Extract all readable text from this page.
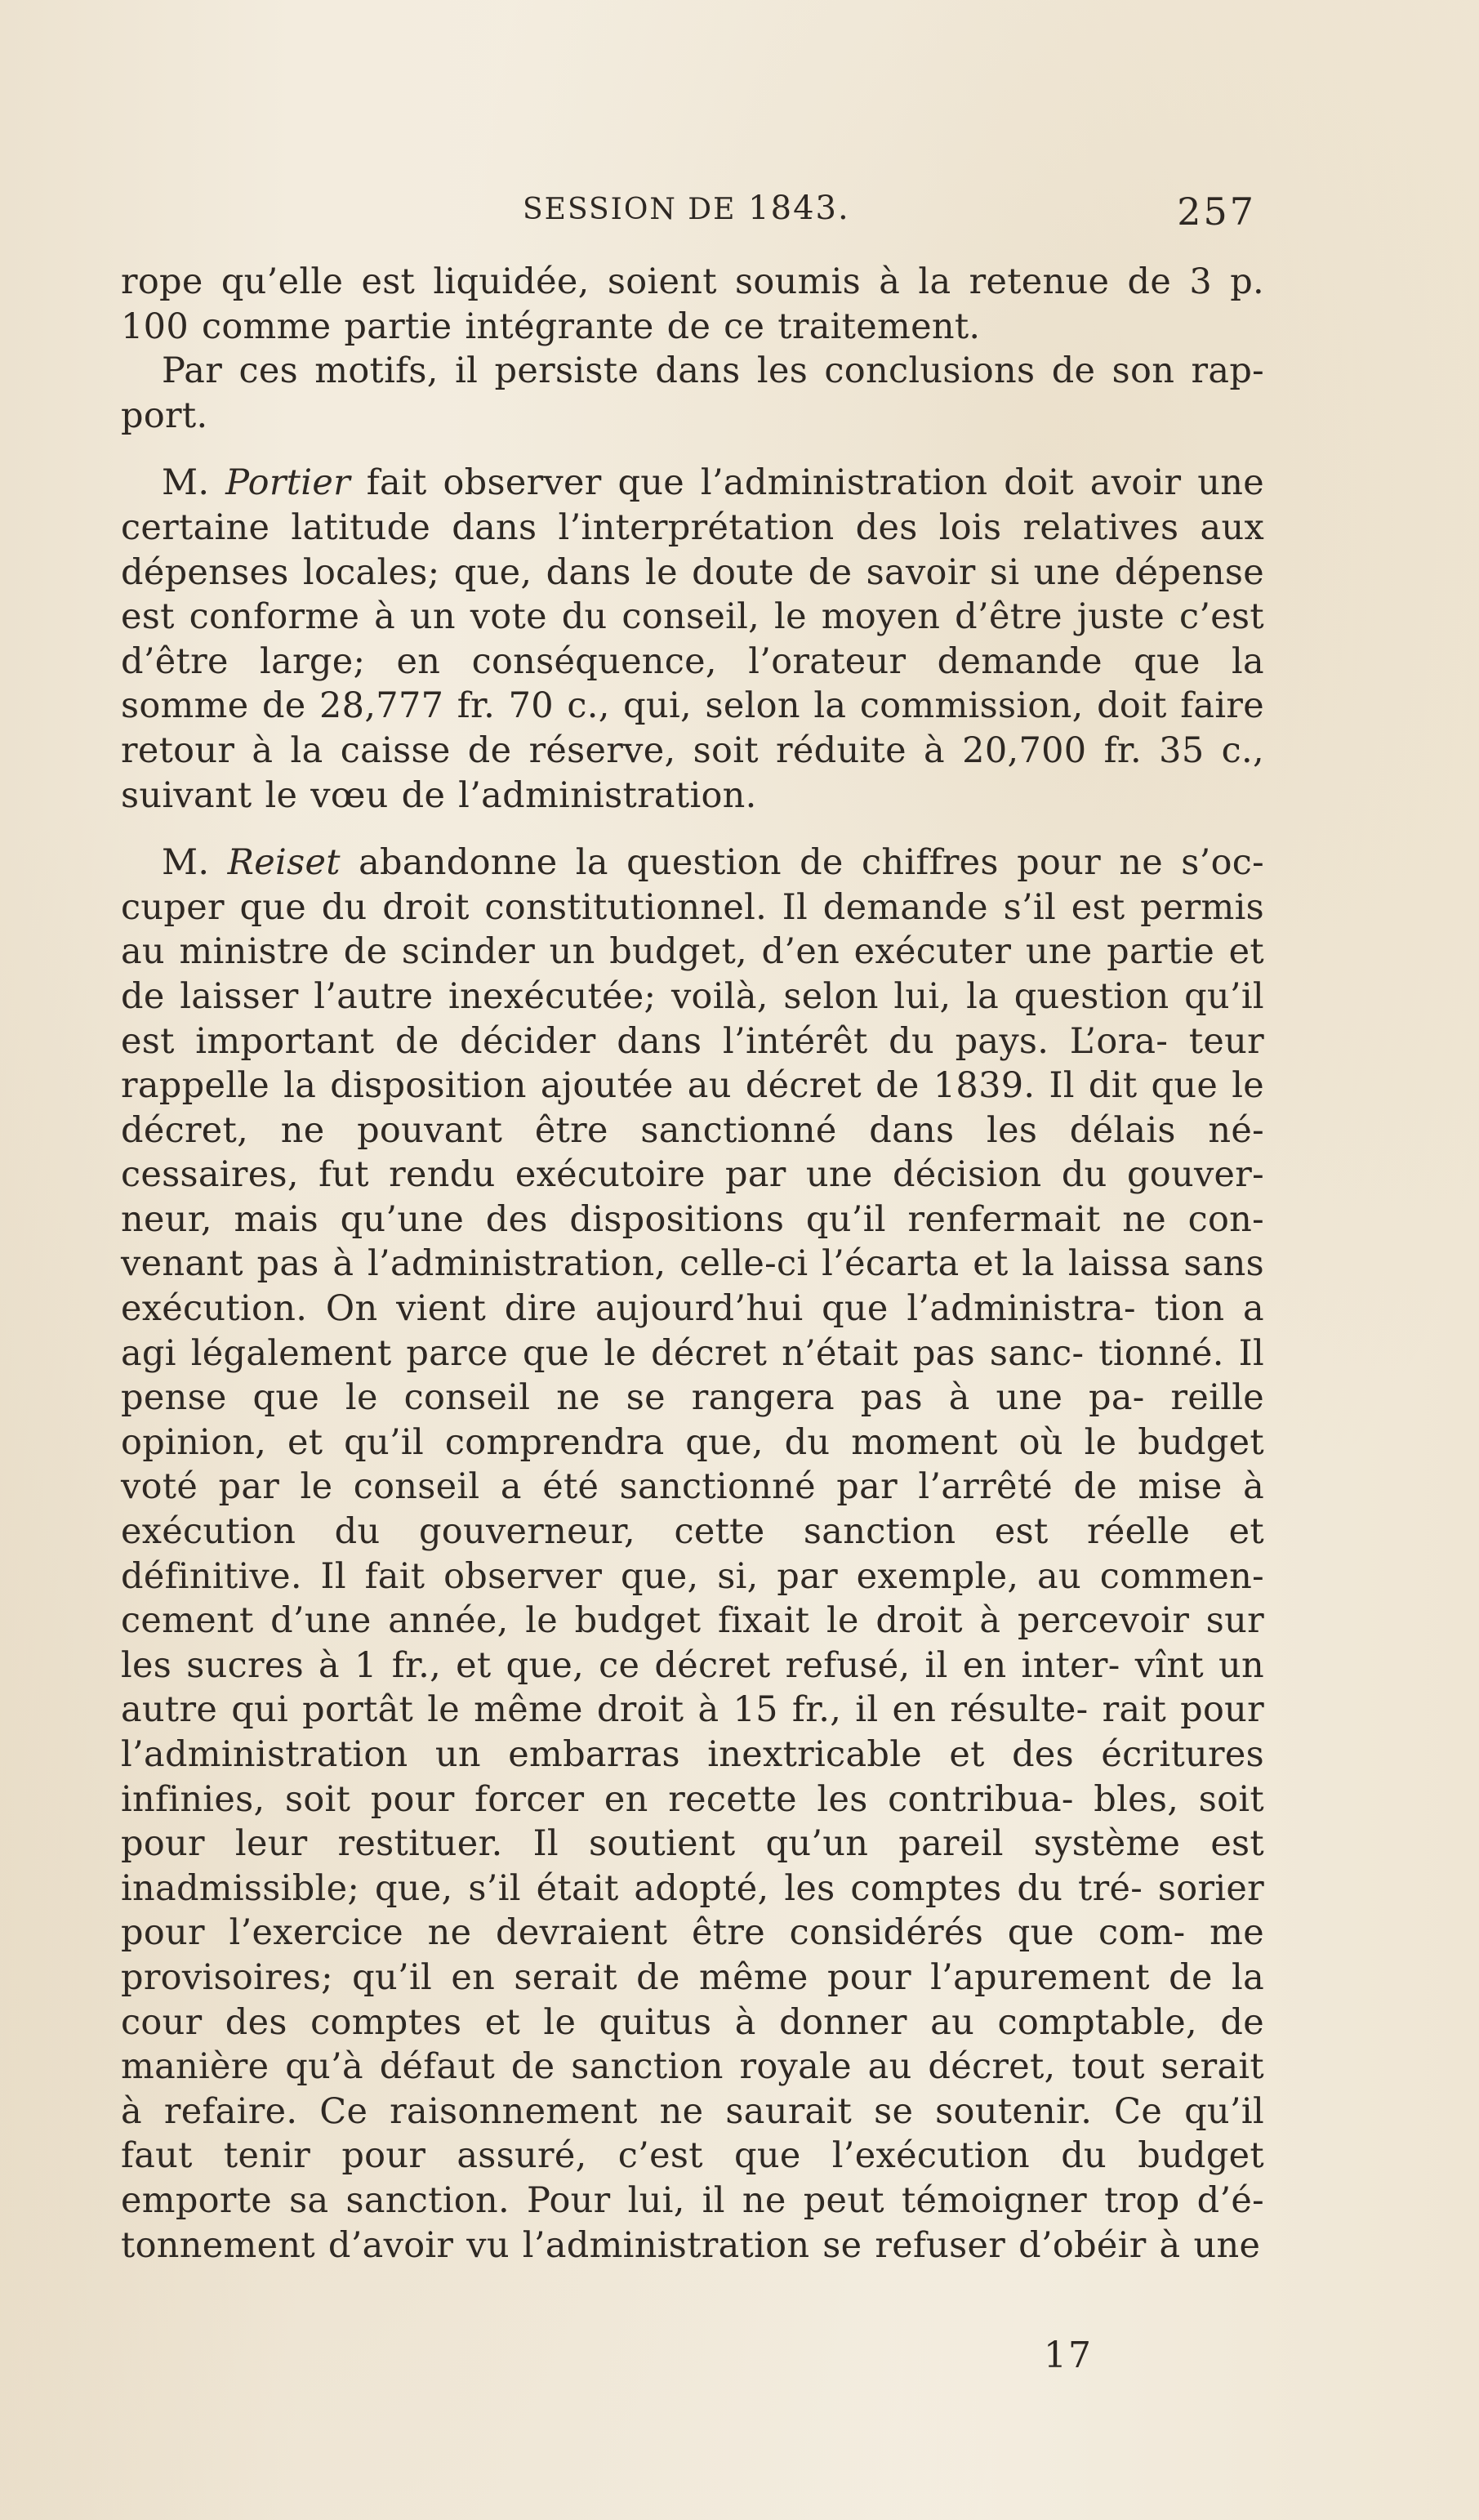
SESSION DE 1843.	257

rope qu’elle est liquidée, soient soumis à la retenue de 3 p. 100 comme partie intégrante de ce traitement.

Par ces motifs, il persiste dans les conclusions de son rap- port.

M. Portier fait observer que l’administration doit avoir une certaine latitude dans l’interprétation des lois relatives aux dépenses locales; que, dans le doute de savoir si une dépense est conforme à un vote du conseil, le moyen d’être juste c’est d’être large; en conséquence, l’orateur demande que la somme de 28,777 fr. 70 c., qui, selon la commission, doit faire retour à la caisse de réserve, soit réduite à 20,700 fr. 35 c., suivant le vœu de l’administration.

M. Reiset abandonne la question de chiffres pour ne s’oc- cuper que du droit constitutionnel. Il demande s’il est permis au ministre de scinder un budget, d’en exécuter une partie et de laisser l’autre inexécutée; voilà, selon lui, la question qu’il est important de décider dans l’intérêt du pays. L’ora- teur rappelle la disposition ajoutée au décret de 1839. Il dit que le décret, ne pouvant être sanctionné dans les délais né- cessaires, fut rendu exécutoire par une décision du gouver- neur, mais qu’une des dispositions qu’il renfermait ne con- venant pas à l’administration, celle-ci l’écarta et la laissa sans exécution. On vient dire aujourd’hui que l’administra- tion a agi légalement parce que le décret n’était pas sanc- tionné. Il pense que le conseil ne se rangera pas à une pa- reille opinion, et qu’il comprendra que, du moment où le budget voté par le conseil a été sanctionné par l’arrêté de mise à exécution du gouverneur, cette sanction est réelle et définitive. Il fait observer que, si, par exemple, au commen- cement d’une année, le budget fixait le droit à percevoir sur les sucres à 1 fr., et que, ce décret refusé, il en inter- vînt un autre qui portât le même droit à 15 fr., il en résulte- rait pour l’administration un embarras inextricable et des écritures infinies, soit pour forcer en recette les contribua- bles, soit pour leur restituer. Il soutient qu’un pareil système est inadmissible; que, s’il était adopté, les comptes du tré- sorier pour l’exercice ne devraient être considérés que com- me provisoires; qu’il en serait de même pour l’apurement de la cour des comptes et le quitus à donner au comptable, de manière qu’à défaut de sanction royale au décret, tout serait à refaire. Ce raisonnement ne saurait se soutenir. Ce qu’il faut tenir pour assuré, c’est que l’exécution du budget emporte sa sanction. Pour lui, il ne peut témoigner trop d’é- tonnement d’avoir vu l’administration se refuser d’obéir à une

17
